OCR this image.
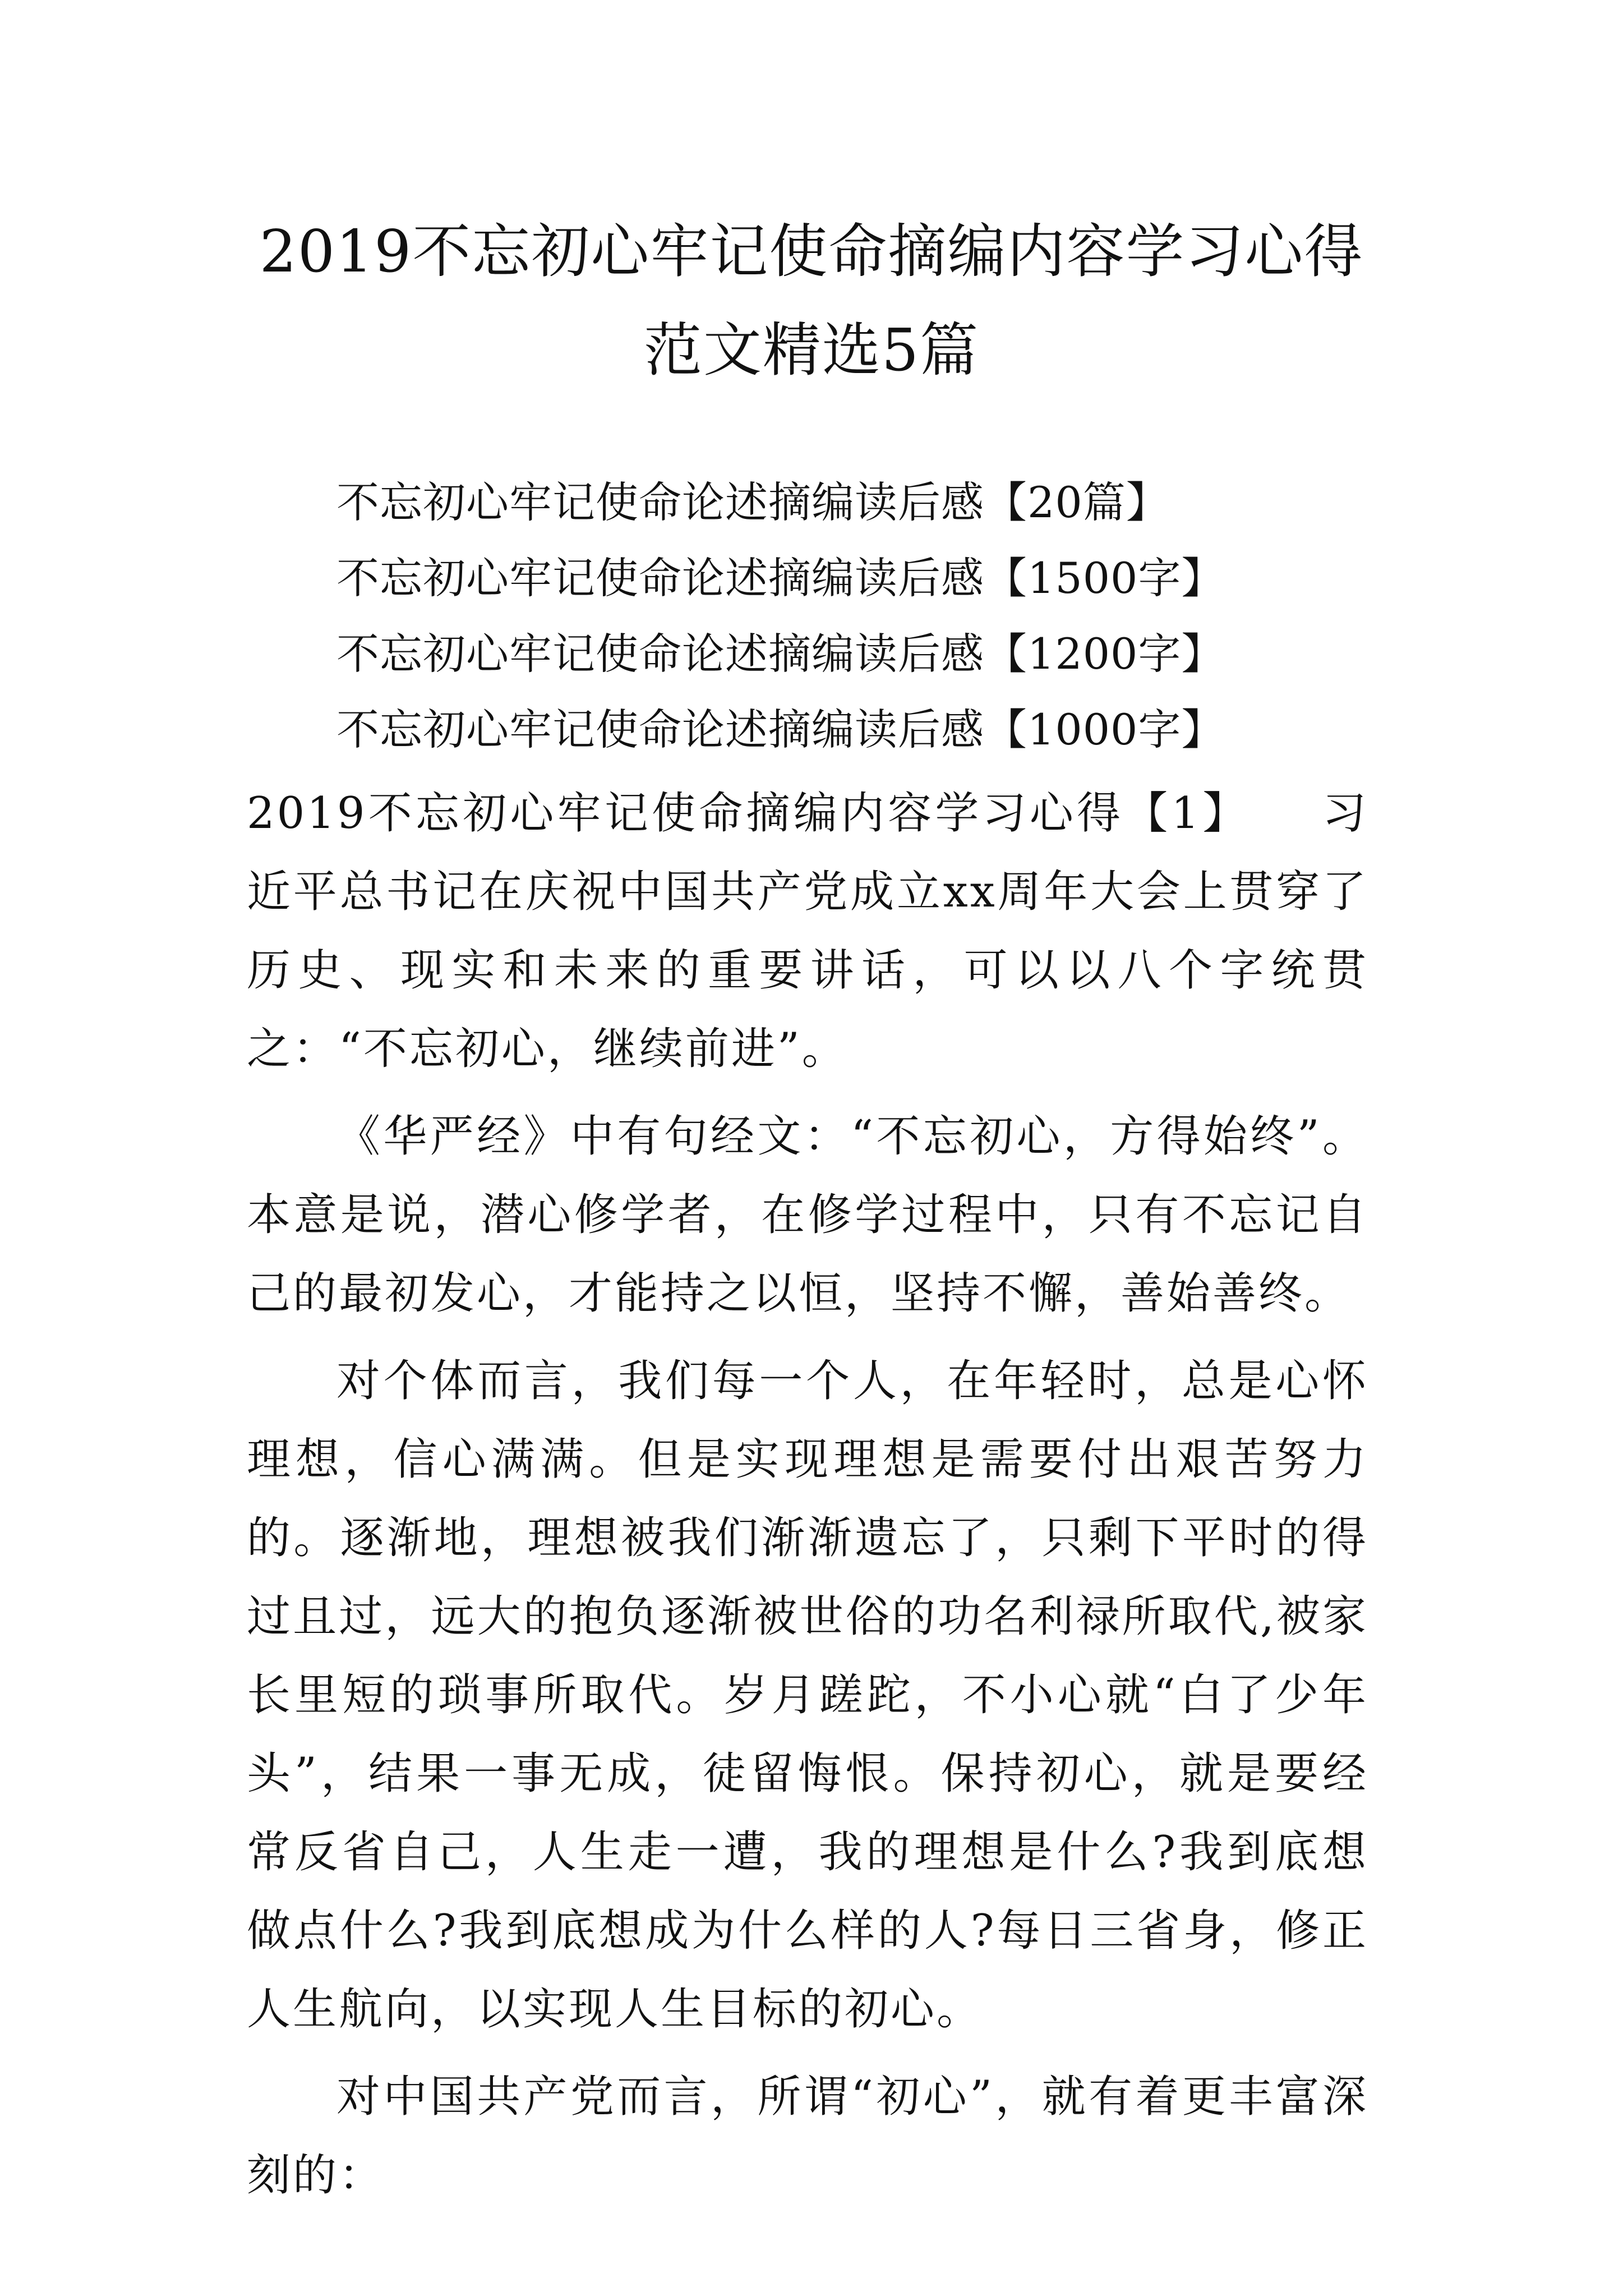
2019不忘初心牢记使命摘编内容学习心得
范文精选5篇
不忘初心牢记使命论述摘编读后感【20篇】
不忘初心牢记使命论述摘编读后感【1500字】
不忘初心牢记使命论述摘编读后感【1200字】
不忘初心牢记使命论述摘编读后感【1000字】

2019不忘初心牢记使命摘编内容学习心得【1】　　习近平总书记在庆祝中国共产党成立xx周年大会上贯穿了历史、现实和未来的重要讲话，可以以八个字统贯之：“不忘初心，继续前进”。

《华严经》中有句经文：“不忘初心，方得始终”。本意是说，潜心修学者，在修学过程中，只有不忘记自己的最初发心，才能持之以恒，坚持不懈，善始善终。

对个体而言，我们每一个人，在年轻时，总是心怀理想，信心满满。但是实现理想是需要付出艰苦努力的。逐渐地，理想被我们渐渐遗忘了，只剩下平时的得过且过，远大的抱负逐渐被世俗的功名利禄所取代,被家长里短的琐事所取代。岁月蹉跎，不小心就“白了少年头”，结果一事无成，徒留悔恨。保持初心，就是要经常反省自己，人生走一遭，我的理想是什么?我到底想做点什么?我到底想成为什么样的人?每日三省身，修正人生航向，以实现人生目标的初心。

对中国共产党而言，所谓“初心”，就有着更丰富深刻的：
